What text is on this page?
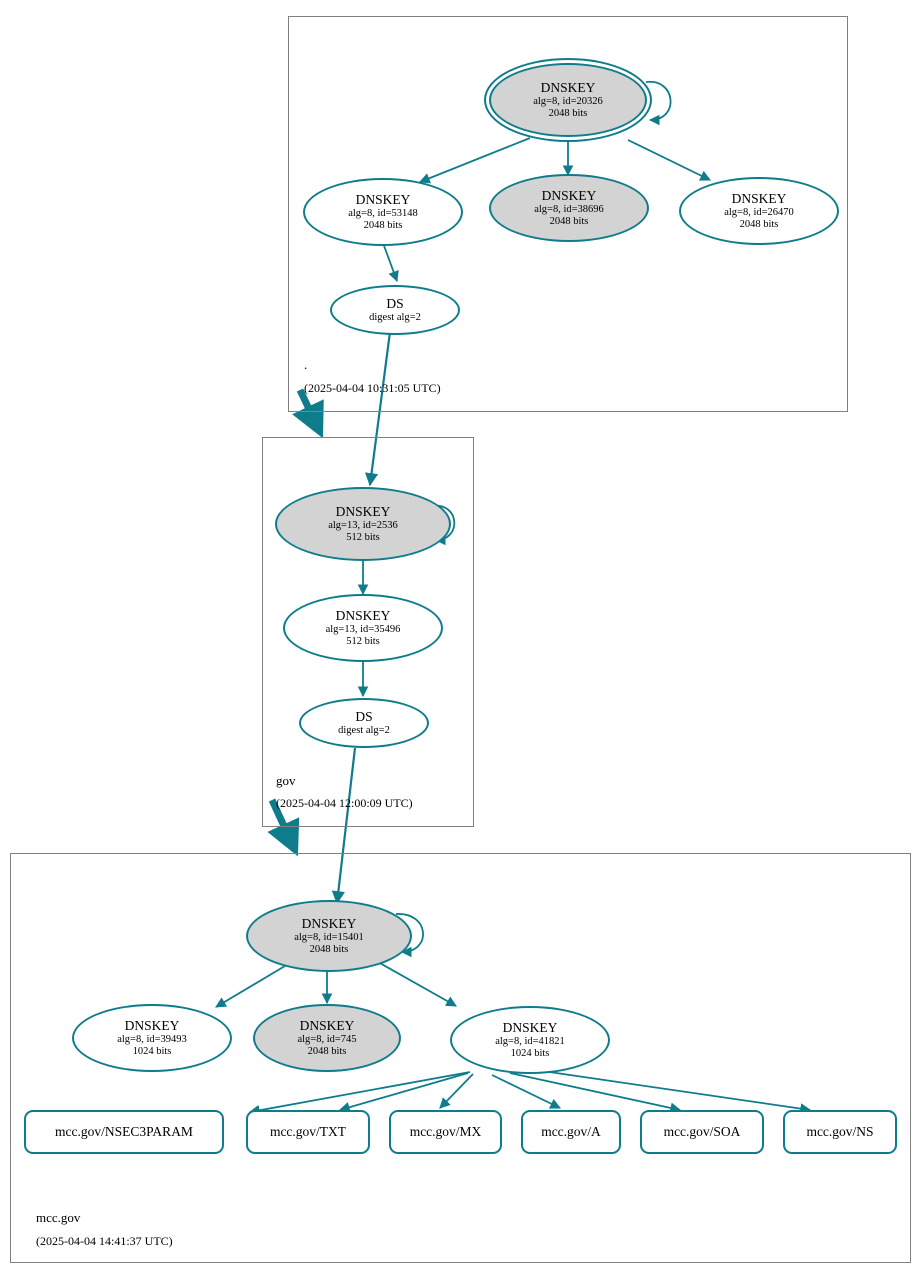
.
(2025-04-04 10:31:05 UTC)
gov
(2025-04-04 12:00:09 UTC)
mcc.gov
(2025-04-04 14:41:37 UTC)
DNSKEY
alg=8, id=20326
2048 bits
DNSKEY
alg=8, id=53148
2048 bits
DNSKEY
alg=8, id=38696
2048 bits
DNSKEY
alg=8, id=26470
2048 bits
DS
digest alg=2
DNSKEY
alg=13, id=2536
512 bits
DNSKEY
alg=13, id=35496
512 bits
DS
digest alg=2
DNSKEY
alg=8, id=15401
2048 bits
DNSKEY
alg=8, id=39493
1024 bits
DNSKEY
alg=8, id=745
2048 bits
DNSKEY
alg=8, id=41821
1024 bits
mcc.gov/NSEC3PARAM	mcc.gov/TXT	mcc.gov/MX	mcc.gov/A	mcc.gov/SOA	mcc.gov/NS
